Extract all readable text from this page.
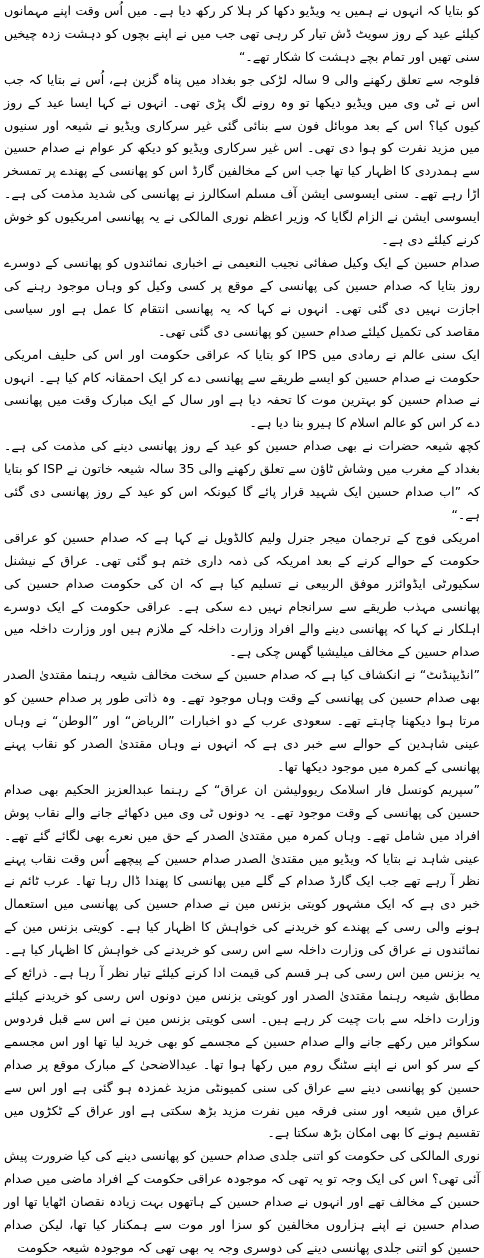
کو بتایا کہ انہوں نے ہمیں یہ ویڈیو دکھا کر ہلا کر رکھ دیا ہے۔ میں اُس وقت اپنے مہمانوں کیلئے عید کے روز سویٹ ڈش تیار کر رہی تھی جب میں نے اپنے بچوں کو دہشت زدہ چیخیں سنی تھیں اور تمام بچے دہشت کا شکار تھے۔“

فلوجہ سے تعلق رکھنے والی 9 سالہ لڑکی جو بغداد میں پناہ گزین ہے، اُس نے بتایا کہ جب اس نے ٹی وی میں ویڈیو دیکھا تو وہ رونے لگ پڑی تھی۔ انہوں نے کہا ایسا عید کے روز کیوں کیا؟ اس کے بعد موبائل فون سے بنائی گئی غیر سرکاری ویڈیو نے شیعہ اور سنیوں میں مزید نفرت کو ہوا دی تھی۔ اس غیر سرکاری ویڈیو کو دیکھ کر عوام نے صدام حسین سے ہمدردی کا اظہار کیا تھا جب اس کے مخالفین گارڈ اس کو پھانسی کے پھندے پر تمسخر اڑا رہے تھے۔ سنی ایسوسی ایشن آف مسلم اسکالرز نے پھانسی کی شدید مذمت کی ہے۔ ایسوسی ایشن نے الزام لگایا کہ وزیر اعظم نوری المالکی نے یہ پھانسی امریکیوں کو خوش کرنے کیلئے دی ہے۔

صدام حسین کے ایک وکیل صفائی نجیب النعیمی نے اخباری نمائندوں کو پھانسی کے دوسرے روز بتایا کہ صدام حسین کی پھانسی کے موقع پر کسی وکیل کو وہاں موجود رہنے کی اجازت نہیں دی گئی تھی۔ انہوں نے کہا کہ یہ پھانسی انتقام کا عمل ہے اور سیاسی مقاصد کی تکمیل کیلئے صدام حسین کو پھانسی دی گئی تھی۔

ایک سنی عالم نے رمادی میں IPS کو بتایا کہ عراقی حکومت اور اس کی حلیف امریکی حکومت نے صدام حسین کو ایسے طریقے سے پھانسی دے کر ایک احمقانہ کام کیا ہے۔ انہوں نے صدام حسین کو بہترین موت کا تحفہ دیا ہے اور سال کے ایک مبارک وقت میں پھانسی دے کر اس کو عالم اسلام کا ہیرو بنا دیا ہے۔

کچھ شیعہ حضرات نے بھی صدام حسین کو عید کے روز پھانسی دینے کی مذمت کی ہے۔ بغداد کے مغرب میں وشاش ٹاؤن سے تعلق رکھنے والی 35 سالہ شیعہ خاتون نے ISP کو بتایا کہ ”اب صدام حسین ایک شہید قرار پائے گا کیونکہ اس کو عید کے روز پھانسی دی گئی ہے۔“

امریکی فوج کے ترجمان میجر جنرل ولیم کالڈویل نے کہا ہے کہ صدام حسین کو عراقی حکومت کے حوالے کرنے کے بعد امریکہ کی ذمہ داری ختم ہو گئی تھی۔ عراق کے نیشنل سکیورٹی ایڈوائزر موفق الربیعی نے تسلیم کیا ہے کہ ان کی حکومت صدام حسین کی پھانسی مہذب طریقے سے سرانجام نہیں دے سکی ہے۔ عراقی حکومت کے ایک دوسرے اہلکار نے کہا کہ پھانسی دینے والے افراد وزارت داخلہ کے ملازم ہیں اور وزارت داخلہ میں صدام حسین کے مخالف میلیشیا گھس چکی ہے۔

”انڈیپنڈنٹ“ نے انکشاف کیا ہے کہ صدام حسین کے سخت مخالف شیعہ رہنما مقتدیٰ الصدر بھی صدام حسین کی پھانسی کے وقت وہاں موجود تھے۔ وہ ذاتی طور پر صدام حسین کو مرتا ہوا دیکھنا چاہتے تھے۔ سعودی عرب کے دو اخبارات ”الریاض“ اور ”الوطن“ نے وہاں عینی شاہدین کے حوالے سے خبر دی ہے کہ انہوں نے وہاں مقتدیٰ الصدر کو نقاب پہنے پھانسی کے کمرہ میں موجود دیکھا تھا۔

”سپریم کونسل فار اسلامک ریوولیشن ان عراق“ کے رہنما عبدالعزیز الحکیم بھی صدام حسین کی پھانسی کے وقت موجود تھے۔ یہ دونوں ٹی وی میں دکھائے جانے والے نقاب پوش افراد میں شامل تھے۔ وہاں کمرہ میں مقتدیٰ الصدر کے حق میں نعرے بھی لگائے گئے تھے۔ عینی شاہد نے بتایا کہ ویڈیو میں مقتدیٰ الصدر صدام حسین کے پیچھے اُس وقت نقاب پہنے نظر آ رہے تھے جب ایک گارڈ صدام کے گلے میں پھانسی کا پھندا ڈال رہا تھا۔ عرب ٹائم نے خبر دی ہے کہ ایک مشہور کویتی بزنس مین نے صدام حسین کی پھانسی میں استعمال ہونے والی رسی کے پھندے کو خریدنے کی خواہش کا اظہار کیا ہے۔ کویتی بزنس مین کے نمائندوں نے عراق کی وزارت داخلہ سے اس رسی کو خریدنے کی خواہش کا اظہار کیا ہے۔ یہ بزنس مین اس رسی کی ہر قسم کی قیمت ادا کرنے کیلئے تیار نظر آ رہا ہے۔ ذرائع کے مطابق شیعہ رہنما مقتدیٰ الصدر اور کویتی بزنس مین دونوں اس رسی کو خریدنے کیلئے وزارت داخلہ سے بات چیت کر رہے ہیں۔ اسی کویتی بزنس مین نے اس سے قبل فردوس سکوائر میں رکھے جانے والے صدام حسین کے مجسمے کو بھی خرید لیا تھا اور اس مجسمے کے سر کو اس نے اپنے سٹنگ روم میں رکھا ہوا تھا۔ عیدالاضحیٰ کے مبارک موقع پر صدام حسین کو پھانسی دینے سے عراق کی سنی کمیونٹی مزید غمزدہ ہو گئی ہے اور اس سے عراق میں شیعہ اور سنی فرقہ میں نفرت مزید بڑھ سکتی ہے اور عراق کے ٹکڑوں میں تقسیم ہونے کا بھی امکان بڑھ سکتا ہے۔

نوری المالکی کی حکومت کو اتنی جلدی صدام حسین کو پھانسی دینے کی کیا ضرورت پیش آئی تھی؟ اس کی ایک وجہ تو یہ تھی کہ موجودہ عراقی حکومت کے افراد ماضی میں صدام حسین کے مخالف تھے اور انہوں نے صدام حسین کے ہاتھوں بہت زیادہ نقصان اٹھایا تھا اور صدام حسین نے اپنے ہزاروں مخالفین کو سزا اور موت سے ہمکنار کیا تھا، لیکن صدام حسین کو اتنی جلدی پھانسی دینے کی دوسری وجہ یہ بھی تھی کہ موجودہ شیعہ حکومت
